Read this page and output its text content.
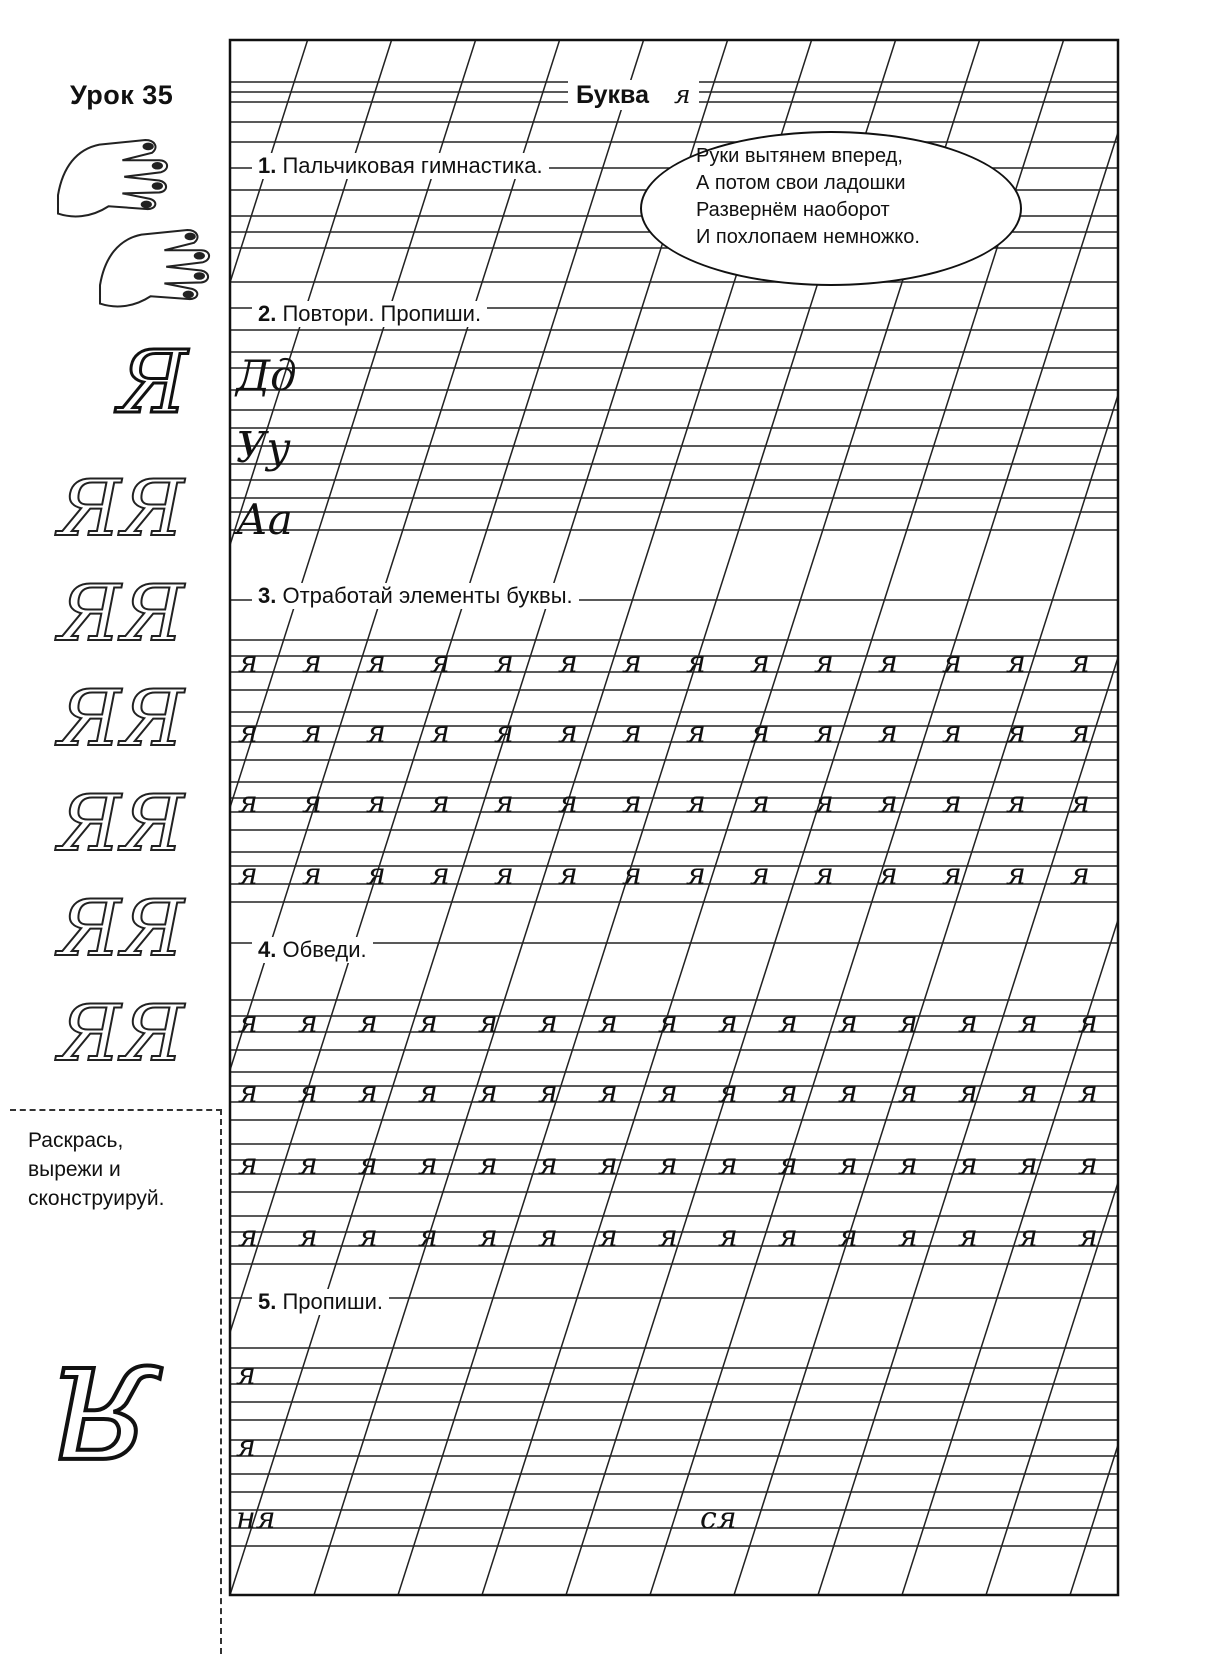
Урок 35
я я я я я я я я я я я я я я
я я я я я я я я я я я я я я
я я я я я я я я я я я я я я
я я я я я я я я я я я я я я
я я я я я я я я я я я я я я я
я я я я я я я я я я я я я я я
я я я я я я я я я я я я я я я
я я я я я я я я я я я я я я я
Дд
Уу
Аа
я
я
ня	ся
Буква я
1. Пальчиковая гимнастика.
2. Повтори. Пропиши.
3. Отработай элементы буквы.
4. Обведи.
5. Пропиши.
Руки вытянем вперед,
А потом свои ладошки
Развернём наоборот
И похлопаем немножко.
Я
ЯЯ
ЯЯ
ЯЯ
ЯЯ
ЯЯ
ЯЯ
Раскрась,
вырежи и
сконструируй.
я
